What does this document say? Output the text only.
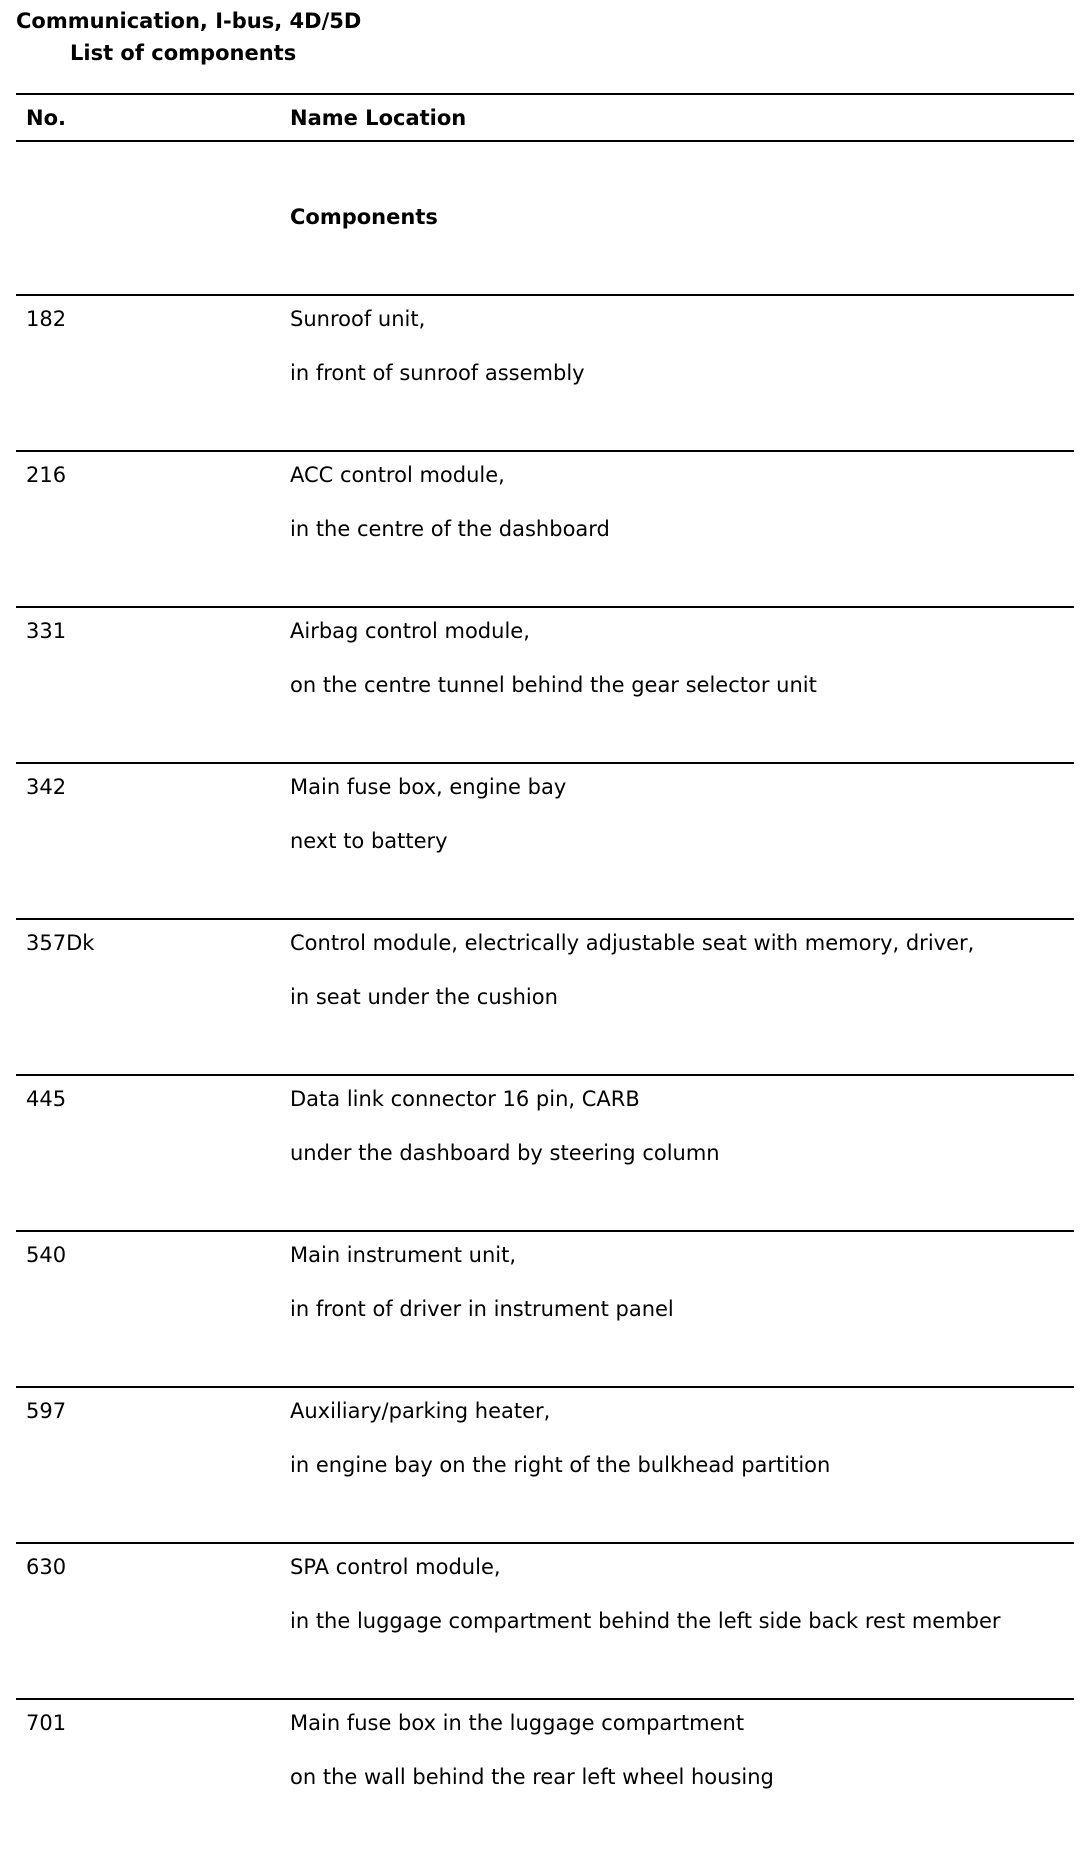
Communication, I-bus, 4D/5D
List of components
No.	Name Location
Components
182	Sunroof unit,
in front of sunroof assembly
216	ACC control module,
in the centre of the dashboard
331	Airbag control module,
on the centre tunnel behind the gear selector unit
342	Main fuse box, engine bay
next to battery
357Dk	Control module, electrically adjustable seat with memory, driver,
in seat under the cushion
445	Data link connector 16 pin, CARB
under the dashboard by steering column
540	Main instrument unit,
in front of driver in instrument panel
597	Auxiliary/parking heater,
in engine bay on the right of the bulkhead partition
630	SPA control module,
in the luggage compartment behind the left side back rest member
701	Main fuse box in the luggage compartment
on the wall behind the rear left wheel housing
